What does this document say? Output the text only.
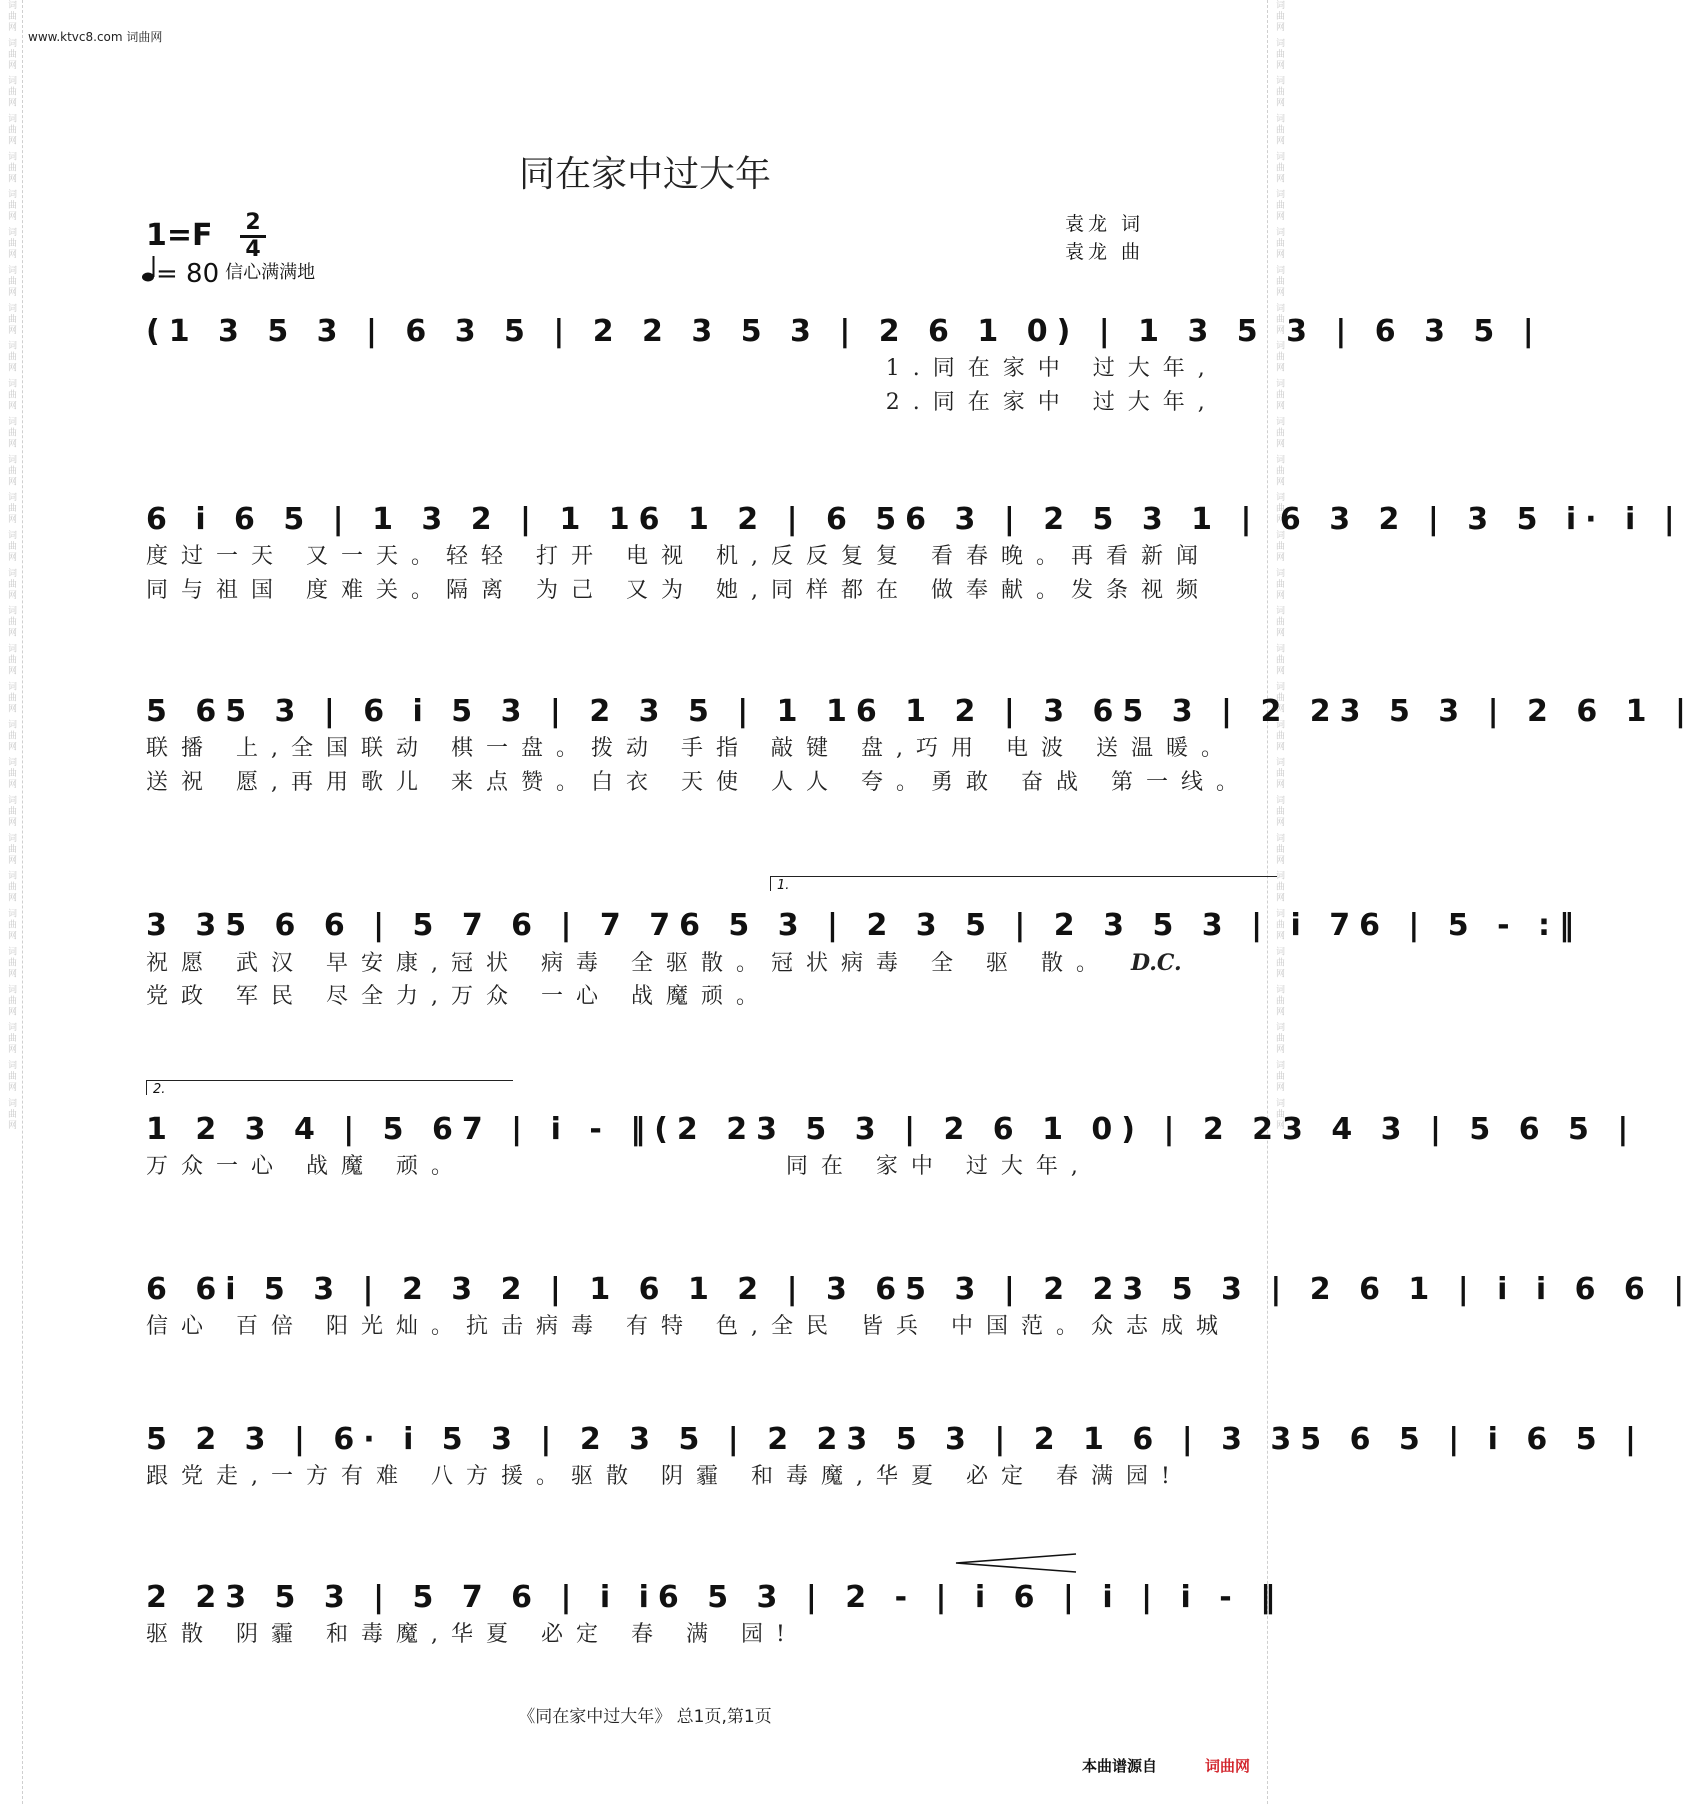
词曲网 词曲网 词曲网 词曲网 词曲网 词曲网 词曲网 词曲网 词曲网 词曲网 词曲网 词曲网 词曲网 词曲网 词曲网 词曲网 词曲网 词曲网 词曲网 词曲网 词曲网 词曲网 词曲网 词曲网 词曲网 词曲网 词曲网 词曲网 词曲网 词曲网	词曲网 词曲网 词曲网 词曲网 词曲网 词曲网 词曲网 词曲网 词曲网 词曲网 词曲网 词曲网 词曲网 词曲网 词曲网 词曲网 词曲网 词曲网 词曲网 词曲网 词曲网 词曲网 词曲网 词曲网 词曲网 词曲网 词曲网 词曲网 词曲网 词曲网
www.ktvc8.com 词曲网
同在家中过大年
1=F 2
4
= 80 信心满满地
袁龙 词
袁龙 曲
(1 3 5 3 | 6 3 5 | 2 2 3 5 3 | 2 6 1 0) | 1 3 5 3 | 6 3 5 |
1.同在家中 过大年,
2.同在家中 过大年,
6 i 6 5 | 1 3 2 | 1 16 1 2 | 6 56 3 | 2 5 3 1 | 6 3 2 | 3 5 i· i |
度过一天 又一天。轻轻 打开 电视 机,反反复复 看春晚。再看新闻
同与祖国 度难关。隔离 为己 又为 她,同样都在 做奉献。发条视频
5 65 3 | 6 i 5 3 | 2 3 5 | 1 16 1 2 | 3 65 3 | 2 23 5 3 | 2 6 1 |
联播 上,全国联动 棋一盘。拨动 手指 敲键 盘,巧用 电波 送温暖。
送祝 愿,再用歌儿 来点赞。白衣 天使 人人 夸。勇敢 奋战 第一线。
1.
3 35 6 6 | 5 7 6 | 7 76 5 3 | 2 3 5 | 2 3 5 3 | i 76 | 5 - :‖
祝愿 武汉 早安康,冠状 病毒 全驱散。冠状病毒 全 驱 散。 D.C.
党政 军民 尽全力,万众 一心 战魔顽。
2.
1 2 3 4 | 5 67 | i - ‖(2 23 5 3 | 2 6 1 0) | 2 23 4 3 | 5 6 5 |
万众一心 战魔 顽。                同在 家中 过大年,
6 6i 5 3 | 2 3 2 | 1 6 1 2 | 3 65 3 | 2 23 5 3 | 2 6 1 | i i 6 6 |
信心 百倍 阳光灿。抗击病毒 有特 色,全民 皆兵 中国范。众志成城
5 2 3 | 6· i 5 3 | 2 3 5 | 2 23 5 3 | 2 1 6 | 3 35 6 5 | i 6 5 |
跟党走,一方有难 八方援。驱散 阴霾 和毒魔,华夏 必定 春满园!
2 23 5 3 | 5 7 6 | i i6 5 3 | 2 - | i 6 | i | i - ‖
驱散 阴霾 和毒魔,华夏 必定 春 满 园!
《同在家中过大年》 总1页,第1页
本曲谱源自	词曲网
